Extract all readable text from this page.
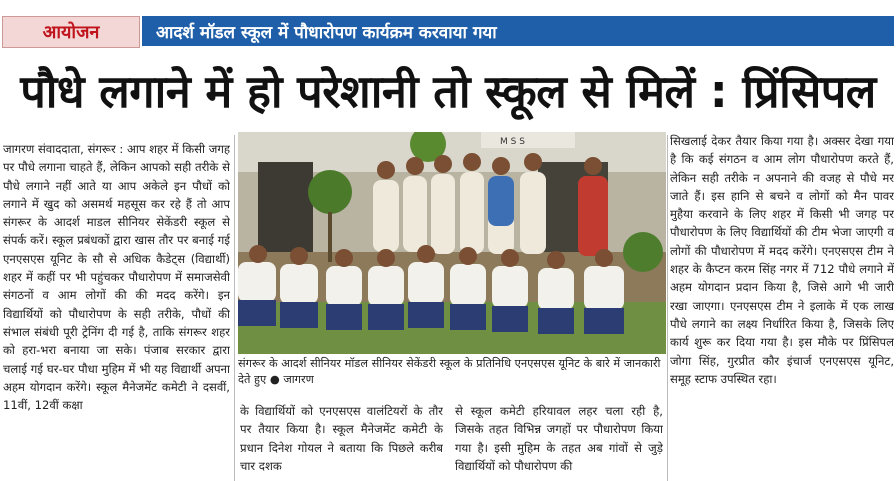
आयोजन	आदर्श मॉडल स्कूल में पौधारोपण कार्यक्रम करवाया गया
पौधे लगाने में हो परेशानी तो स्कूल से मिलें : प्रिंसिपल

जागरण संवाददाता, संगरूर : आप शहर में किसी जगह पर पौधे लगाना चाहते हैं, लेकिन आपको सही तरीके से पौधे लगाने नहीं आते या आप अकेले इन पौधों को लगाने में खुद को असमर्थ महसूस कर रहे हैं तो आप संगरूर के आदर्श माडल सीनियर सेकेंडरी स्कूल से संपर्क करें। स्कूल प्रबंधकों द्वारा खास तौर पर बनाई गई एनएसएस यूनिट के सौ से अधिक कैडेट्स (विद्यार्थी) शहर में कहीं पर भी पहुंचकर पौधारोपण में समाजसेवी संगठनों व आम लोगों की की मदद करेंगे। इन विद्यार्थियों को पौधारोपण के सही तरीके, पौधों की संभाल संबंधी पूरी ट्रेनिंग दी गई है, ताकि संगरूर शहर को हरा-भरा बनाया जा सके। पंजाब सरकार द्वारा चलाई गई घर-घर पौधा मुहिम में भी यह विद्यार्थी अपना अहम योगदान करेंगे। स्कूल मैनेजमेंट कमेटी ने दसवीं, 11वीं, 12वीं कक्षा

M S S
संगरूर के आदर्श सीनियर मॉडल सीनियर सेकेंडरी स्कूल के प्रतिनिधि एनएसएस यूनिट के बारे में जानकारी देते हुए ● जागरण

के विद्यार्थियों को एनएसएस वालंटियरों के तौर पर तैयार किया है। स्कूल मैनेजमेंट कमेटी के प्रधान दिनेश गोयल ने बताया कि पिछले करीब चार दशक

से स्कूल कमेटी हरियावल लहर चला रही है, जिसके तहत विभिन्न जगहों पर पौधारोपण किया गया है। इसी मुहिम के तहत अब गांवों से जुड़े विद्यार्थियों को पौधारोपण की

सिखलाई देकर तैयार किया गया है। अक्सर देखा गया है कि कई संगठन व आम लोग पौधारोपण करते हैं, लेकिन सही तरीके न अपनाने की वजह से पौधे मर जाते हैं। इस हानि से बचने व लोगों को मैन पावर मुहैया करवाने के लिए शहर में किसी भी जगह पर पौधारोपण के लिए विद्यार्थियों की टीम भेजा जाएगी व लोगों की पौधारोपण में मदद करेंगे। एनएसएस टीम ने शहर के कैप्टन करम सिंह नगर में 712 पौधे लगाने में अहम योगदान प्रदान किया है, जिसे आगे भी जारी रखा जाएगा। एनएसएस टीम ने इलाके में एक लाख पौधे लगाने का लक्ष्य निर्धारित किया है, जिसके लिए कार्य शुरू कर दिया गया है। इस मौके पर प्रिंसिपल जोगा सिंह, गुरप्रीत कौर इंचार्ज एनएसएस यूनिट, समूह स्टाफ उपस्थित रहा।
